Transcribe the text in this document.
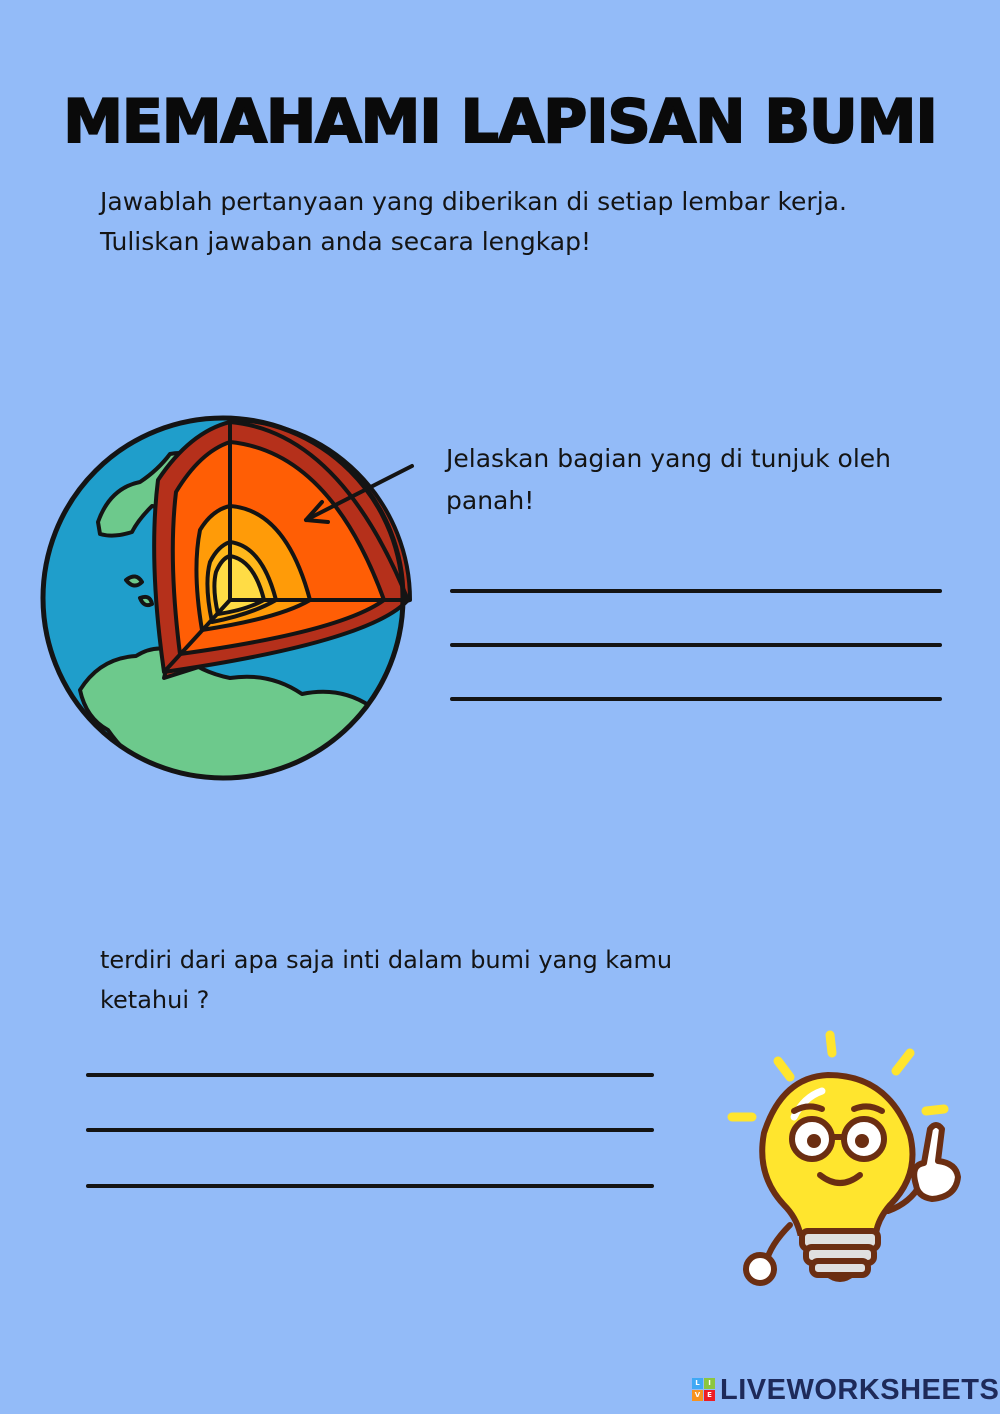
MEMAHAMI LAPISAN BUMI
Jawablah pertanyaan yang diberikan di setiap lembar kerja.
Tuliskan jawaban anda secara lengkap!
Jelaskan bagian yang di tunjuk oleh
panah!
terdiri dari apa saja inti dalam bumi yang kamu
ketahui ?
L	I
V E LIVEWORKSHEETS
